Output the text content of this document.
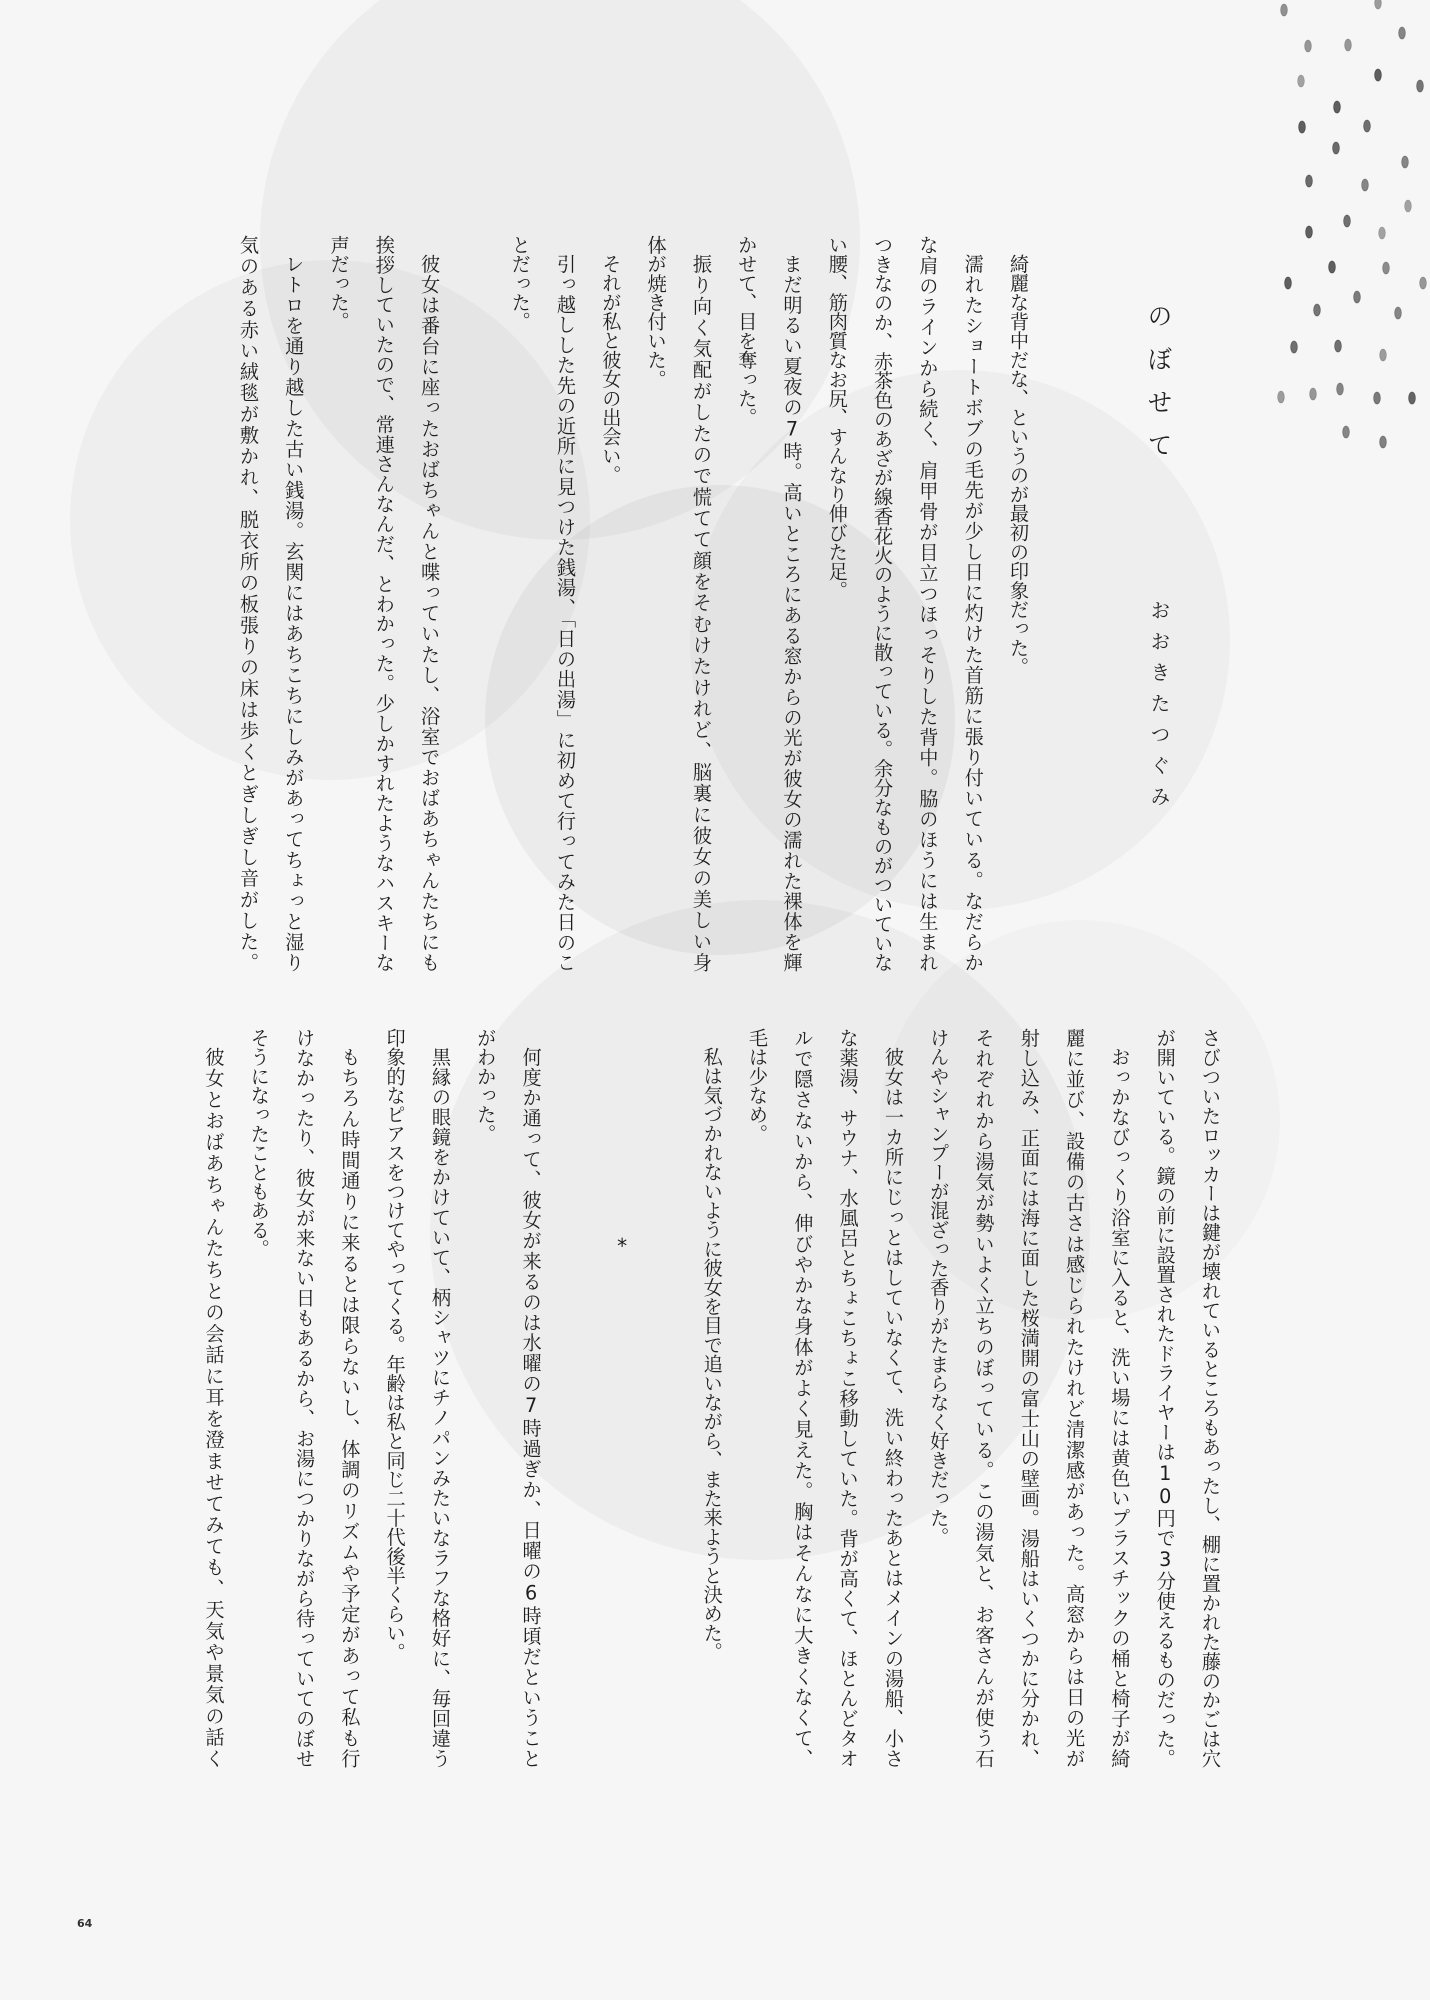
のぼせて
おおきたつぐみ
綺麗な背中だな、というのが最初の印象だった。
濡れたショートボブの毛先が少し日に灼けた首筋に張り付いている。なだらか
な肩のラインから続く、肩甲骨が目立つほっそりした背中。脇のほうには生まれ
つきなのか、赤茶色のあざが線香花火のように散っている。余分なものがついていな
い腰、筋肉質なお尻、すんなり伸びた足。
まだ明るい夏夜の7時。高いところにある窓からの光が彼女の濡れた裸体を輝
かせて、目を奪った。
振り向く気配がしたので慌てて顔をそむけたけれど、脳裏に彼女の美しい身
体が焼き付いた。
それが私と彼女の出会い。
引っ越しした先の近所に見つけた銭湯、「日の出湯」に初めて行ってみた日のこ
とだった。
彼女は番台に座ったおばちゃんと喋っていたし、浴室でおばあちゃんたちにも
挨拶していたので、常連さんなんだ、とわかった。少しかすれたようなハスキーな
声だった。
レトロを通り越した古い銭湯。玄関にはあちこちにしみがあってちょっと湿り
気のある赤い絨毯が敷かれ、脱衣所の板張りの床は歩くとぎしぎし音がした。
さびついたロッカーは鍵が壊れているところもあったし、棚に置かれた藤のかごは穴
が開いている。鏡の前に設置されたドライヤーは10円で3分使えるものだった。
おっかなびっくり浴室に入ると、洗い場には黄色いプラスチックの桶と椅子が綺
麗に並び、設備の古さは感じられたけれど清潔感があった。高窓からは日の光が
射し込み、正面には海に面した桜満開の富士山の壁画。湯船はいくつかに分かれ、
それぞれから湯気が勢いよく立ちのぼっている。この湯気と、お客さんが使う石
けんやシャンプーが混ざった香りがたまらなく好きだった。
彼女は一カ所にじっとはしていなくて、洗い終わったあとはメインの湯船、小さ
な薬湯、サウナ、水風呂とちょこちょこ移動していた。背が高くて、ほとんどタオ
ルで隠さないから、伸びやかな身体がよく見えた。胸はそんなに大きくなくて、
毛は少なめ。
私は気づかれないように彼女を目で追いながら、また来ようと決めた。
*
何度か通って、彼女が来るのは水曜の7時過ぎか、日曜の6時頃だということ
がわかった。
黒縁の眼鏡をかけていて、柄シャツにチノパンみたいなラフな格好に、毎回違う
印象的なピアスをつけてやってくる。年齢は私と同じ二十代後半くらい。
もちろん時間通りに来るとは限らないし、体調のリズムや予定があって私も行
けなかったり、彼女が来ない日もあるから、お湯につかりながら待っていてのぼせ
そうになったこともある。
彼女とおばあちゃんたちとの会話に耳を澄ませてみても、天気や景気の話く
64
